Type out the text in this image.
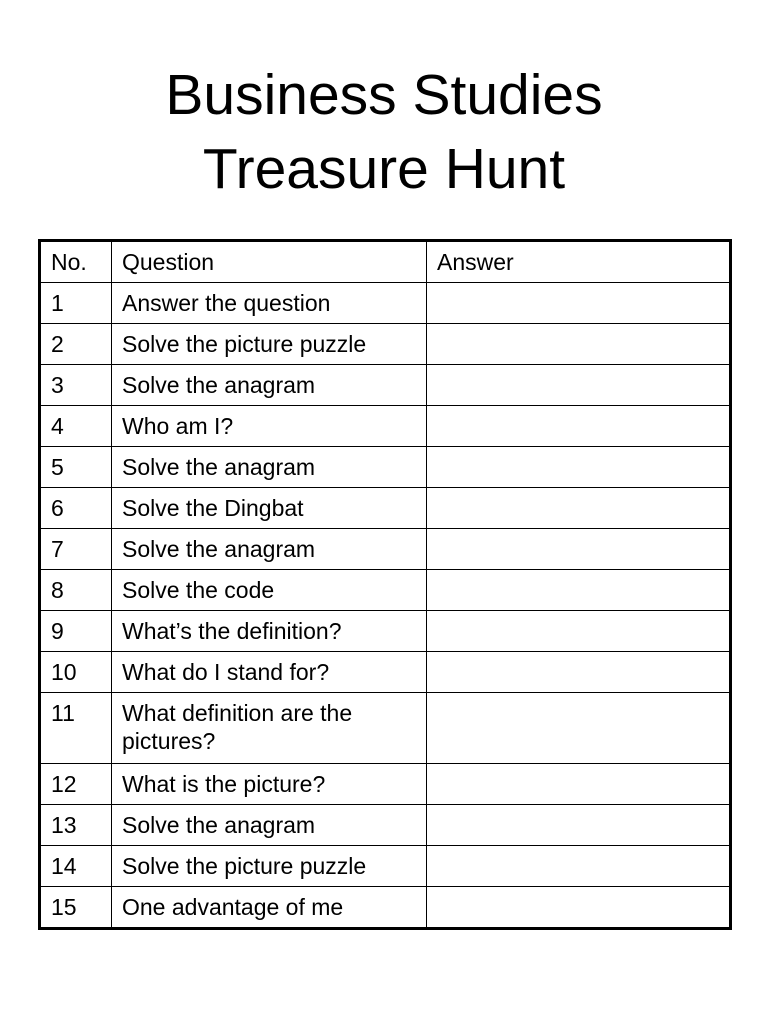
Business Studies
Treasure Hunt
No.	Question	Answer
1	Answer the question	
2	Solve the picture puzzle	
3	Solve the anagram	
4	Who am I?	
5	Solve the anagram	
6	Solve the Dingbat	
7	Solve the anagram	
8	Solve the code	
9	What’s the definition?	
10	What do I stand for?	
11	What definition are the pictures?	
12	What is the picture?	
13	Solve the anagram	
14	Solve the picture puzzle	
15	One advantage of me	
